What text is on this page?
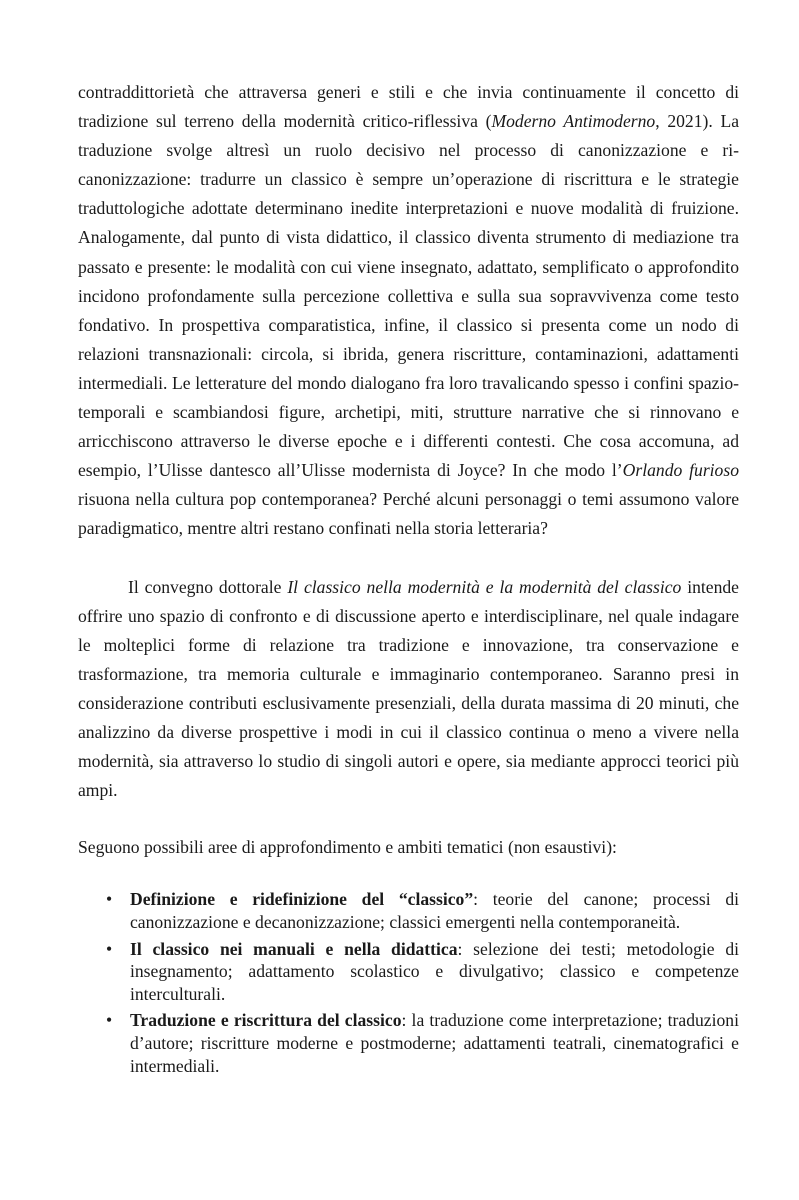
contraddittorietà che attraversa generi e stili e che invia continuamente il concetto di tradizione sul terreno della modernità critico-riflessiva (Moderno Antimoderno, 2021). La traduzione svolge altresì un ruolo decisivo nel processo di canonizzazione e ri-canonizzazione: tradurre un classico è sempre un’operazione di riscrittura e le strategie traduttologiche adottate determinano inedite interpretazioni e nuove modalità di fruizione. Analogamente, dal punto di vista didattico, il classico diventa strumento di mediazione tra passato e presente: le modalità con cui viene insegnato, adattato, semplificato o approfondito incidono profondamente sulla percezione collettiva e sulla sua sopravvivenza come testo fondativo. In prospettiva comparatistica, infine, il classico si presenta come un nodo di relazioni transnazionali: circola, si ibrida, genera riscritture, contaminazioni, adattamenti intermediali. Le letterature del mondo dialogano fra loro travalicando spesso i confini spazio-temporali e scambiandosi figure, archetipi, miti, strutture narrative che si rinnovano e arricchiscono attraverso le diverse epoche e i differenti contesti. Che cosa accomuna, ad esempio, l’Ulisse dantesco all’Ulisse modernista di Joyce? In che modo l’Orlando furioso risuona nella cultura pop contemporanea? Perché alcuni personaggi o temi assumono valore paradigmatico, mentre altri restano confinati nella storia letteraria?

Il convegno dottorale Il classico nella modernità e la modernità del classico intende offrire uno spazio di confronto e di discussione aperto e interdisciplinare, nel quale indagare le molteplici forme di relazione tra tradizione e innovazione, tra conservazione e trasformazione, tra memoria culturale e immaginario contemporaneo. Saranno presi in considerazione contributi esclusivamente presenziali, della durata massima di 20 minuti, che analizzino da diverse prospettive i modi in cui il classico continua o meno a vivere nella modernità, sia attraverso lo studio di singoli autori e opere, sia mediante approcci teorici più ampi.

Seguono possibili aree di approfondimento e ambiti tematici (non esaustivi):

• Definizione e ridefinizione del “classico”: teorie del canone; processi di canonizzazione e decanonizzazione; classici emergenti nella contemporaneità.
• Il classico nei manuali e nella didattica: selezione dei testi; metodologie di insegnamento; adattamento scolastico e divulgativo; classico e competenze interculturali.
• Traduzione e riscrittura del classico: la traduzione come interpretazione; traduzioni d’autore; riscritture moderne e postmoderne; adattamenti teatrali, cinematografici e intermediali.
